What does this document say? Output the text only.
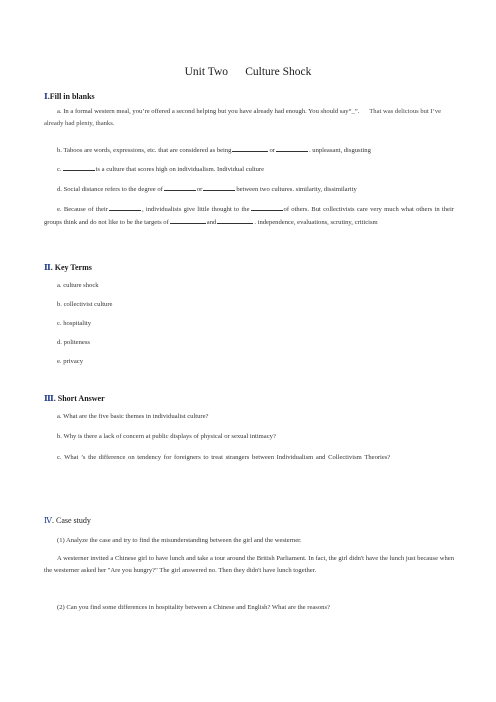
Unit Two Culture Shock
Ⅰ.Fill in blanks
a. In a formal western meal, you’re offered a second helping but you have already had enough. You should say“_”. That was delicious but I’ve already had plenty, thanks.
b. Taboos are words, expressions, etc. that are considered as being	or	. unpleasant, disgusting
c.	is a culture that scores high on individualism. Individual culture
d. Social distance refers to the degree of	or	between two cultures. similarity, dissimilarity
e. Because of their	, individualists give little thought to the	of others. But collectivists care very much what others in their groups think and do not like to be the targets of	and	. independence, evaluations, scrutiny, criticism
Ⅱ. Key Terms
a. culture shock
b. collectivist culture
c. hospitality
d. politeness
e. privacy
Ⅲ. Short Answer
a. What are the five basic themes in individualist culture?
b. Why is there a lack of concern at public displays of physical or sexual intimacy?
c. What ’s the difference on tendency for foreigners to treat strangers between Individualism and Collectivism Theories?
Ⅳ. Case study
(1) Analyze the case and try to find the misunderstanding between the girl and the westerner.
A westerner invited a Chinese girl to have lunch and take a tour around the British Parliament. In fact, the girl didn't have the lunch just because when the westerner asked her "Are you hungry?" The girl answered no. Then they didn't have lunch together.
(2) Can you find some differences in hospitality between a Chinese and English? What are the reasons?
